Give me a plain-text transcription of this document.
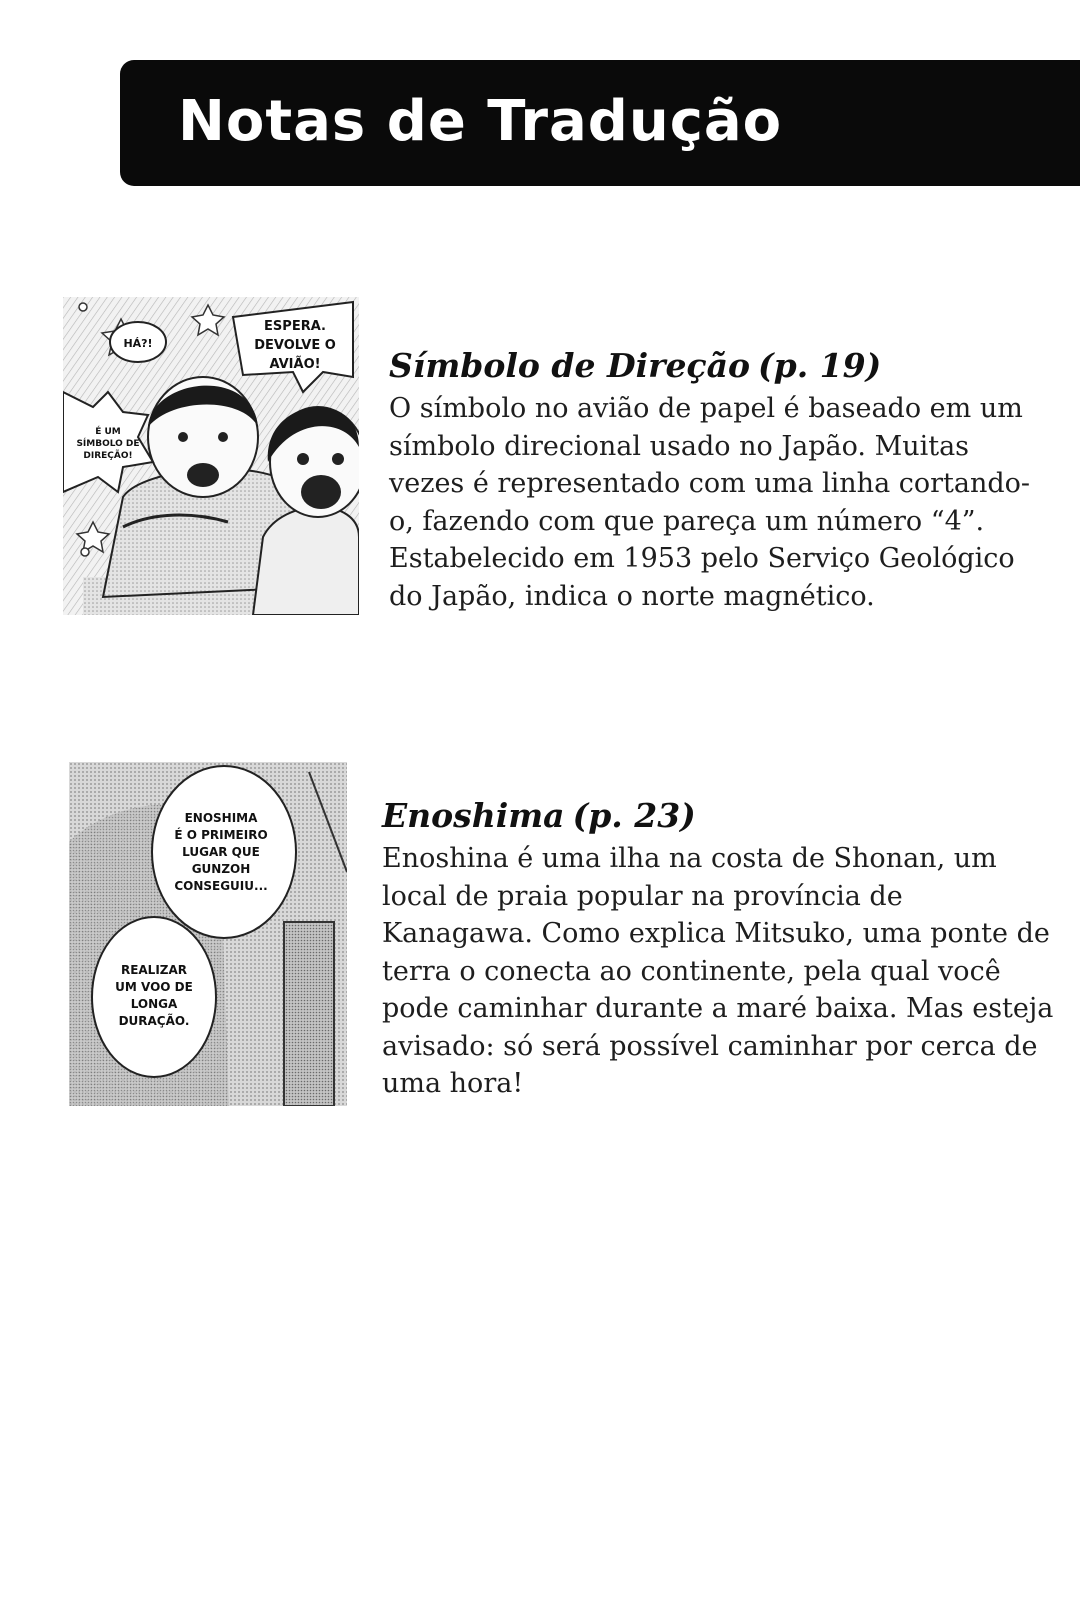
Notas de Tradução
HÁ?!
ESPERA.
DEVOLVE O
AVIÃO!
É UM
SÍMBOLO DE
DIREÇÃO!
Símbolo de Direção (p. 19)

O símbolo no avião de papel é baseado em um símbolo direcional usado no Japão. Muitas vezes é representado com uma linha cortando-o, fazendo com que pareça um número “4”. Estabelecido em 1953 pelo Serviço Geológico do Japão, indica o norte magnético.

ENOSHIMA
É O PRIMEIRO
LUGAR QUE
GUNZOH
CONSEGUIU...
REALIZAR
UM VOO DE
LONGA
DURAÇÃO.
Enoshima (p. 23)

Enoshina é uma ilha na costa de Shonan, um local de praia popular na província de Kanagawa. Como explica Mitsuko, uma ponte de terra o conecta ao continente, pela qual você pode caminhar durante a maré baixa. Mas esteja avisado: só será possível caminhar por cerca de uma hora!
